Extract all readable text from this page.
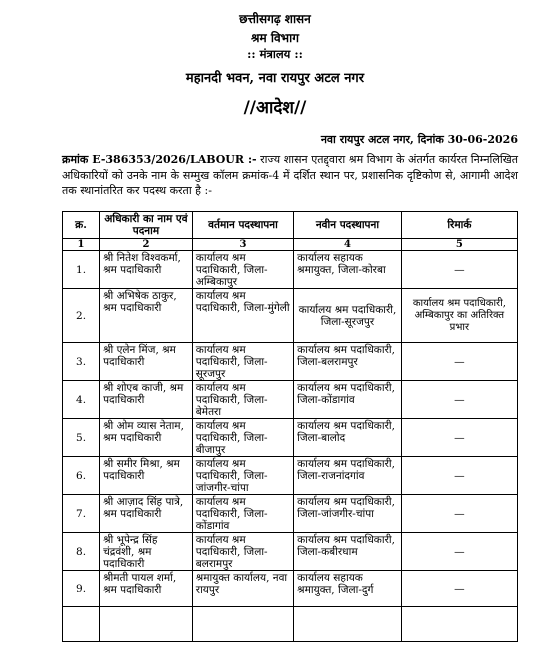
छत्तीसगढ़ शासन
श्रम विभाग
:: मंत्रालय ::
महानदी भवन, नवा रायपुर अटल नगर
//आदेश//
नवा रायपुर अटल नगर, दिनांक 30-06-2026
क्रमांक E-386353/2026/LABOUR :- राज्य शासन एतद्द्वारा श्रम विभाग के अंतर्गत कार्यरत निम्नलिखित अधिकारियों को उनके नाम के सम्मुख कॉलम क्रमांक-4 में दर्शित स्थान पर, प्रशासनिक दृष्टिकोण से, आगामी आदेश तक स्थानांतरित कर पदस्थ करता है :-
क्र.	अधिकारी का नाम एवं पदनाम	वर्तमान पदस्थापना	नवीन पदस्थापना	रिमार्क
1	2	3	4	5
1.	श्री नितेश विश्वकर्मा, श्रम पदाधिकारी	कार्यालय श्रम पदाधिकारी, जिला-अम्बिकापुर	कार्यालय सहायक श्रमायुक्त, जिला-कोरबा	—
2.	श्री अभिषेक ठाकुर, श्रम पदाधिकारी	कार्यालय श्रम पदाधिकारी, जिला-मुंगेली	कार्यालय श्रम पदाधिकारी, जिला-सूरजपुर	कार्यालय श्रम पदाधिकारी, अम्बिकापुर का अतिरिक्त प्रभार
3.	श्री एलेन मिंज, श्रम पदाधिकारी	कार्यालय श्रम पदाधिकारी, जिला-सूरजपुर	कार्यालय श्रम पदाधिकारी, जिला-बलरामपुर	—
4.	श्री शोएब काजी, श्रम पदाधिकारी	कार्यालय श्रम पदाधिकारी, जिला-बेमेतरा	कार्यालय श्रम पदाधिकारी, जिला-कोंडागांव	—
5.	श्री ओम व्यास नेताम, श्रम पदाधिकारी	कार्यालय श्रम पदाधिकारी, जिला-बीजापुर	कार्यालय श्रम पदाधिकारी, जिला-बालोद	—
6.	श्री समीर मिश्रा, श्रम पदाधिकारी	कार्यालय श्रम पदाधिकारी, जिला-जांजगीर-चांपा	कार्यालय श्रम पदाधिकारी, जिला-राजनांदगांव	—
7.	श्री आज़ाद सिंह पात्रे, श्रम पदाधिकारी	कार्यालय श्रम पदाधिकारी, जिला-कोंडागांव	कार्यालय श्रम पदाधिकारी, जिला-जांजगीर-चांपा	—
8.	श्री भूपेन्द्र सिंह चंद्रवंशी, श्रम पदाधिकारी	कार्यालय श्रम पदाधिकारी, जिला-बलरामपुर	कार्यालय श्रम पदाधिकारी, जिला-कबीरधाम	—
9.	श्रीमती पायल शर्मा, श्रम पदाधिकारी	श्रमायुक्त कार्यालय, नवा रायपुर	कार्यालय सहायक श्रमायुक्त, जिला-दुर्ग	—
